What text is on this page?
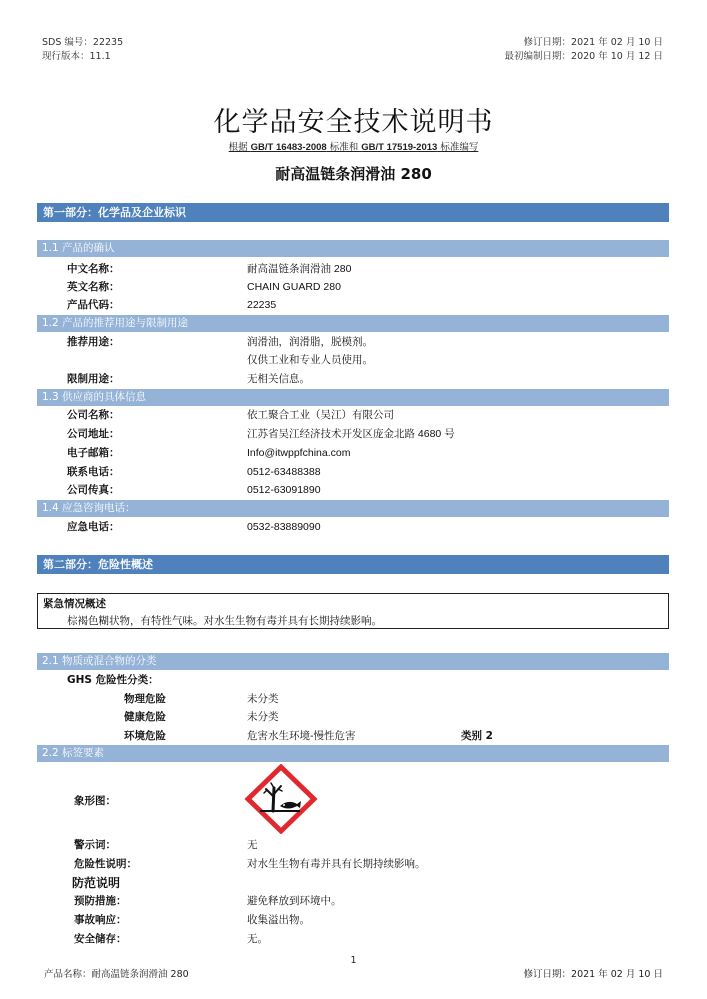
SDS 编号：22235
现行版本：11.1
修订日期：2021 年 02 月 10 日
最初编制日期：2020 年 10 月 12 日
化学品安全技术说明书
根据 GB/T 16483-2008 标准和 GB/T 17519-2013 标准编写
耐高温链条润滑油 280
第一部分：化学品及企业标识
1.1 产品的确认
中文名称：	耐高温链条润滑油 280
英文名称：	CHAIN GUARD 280
产品代码：	22235
1.2 产品的推荐用途与限制用途
推荐用途：	润滑油，润滑脂，脱模剂。
仅供工业和专业人员使用。
限制用途：	无相关信息。
1.3 供应商的具体信息
公司名称：	依工聚合工业（吴江）有限公司
公司地址：	江苏省吴江经济技术开发区庞金北路 4680 号
电子邮箱：	Info@itwppfchina.com
联系电话：	0512-63488388
公司传真：	0512-63091890
1.4 应急咨询电话：
应急电话：	0532-83889090
第二部分：危险性概述
紧急情况概述
棕褐色糊状物，有特性气味。对水生生物有毒并具有长期持续影响。
2.1 物质或混合物的分类
GHS 危险性分类：
物理危险	未分类
健康危险	未分类
环境危险	危害水生环境-慢性危害	类别 2
2.2 标签要素
象形图：
警示词：	无
危险性说明：	对水生生物有毒并具有长期持续影响。
防范说明
预防措施：	避免释放到环境中。
事故响应：	收集溢出物。
安全储存：	无。
1
产品名称：耐高温链条润滑油 280	修订日期：2021 年 02 月 10 日
